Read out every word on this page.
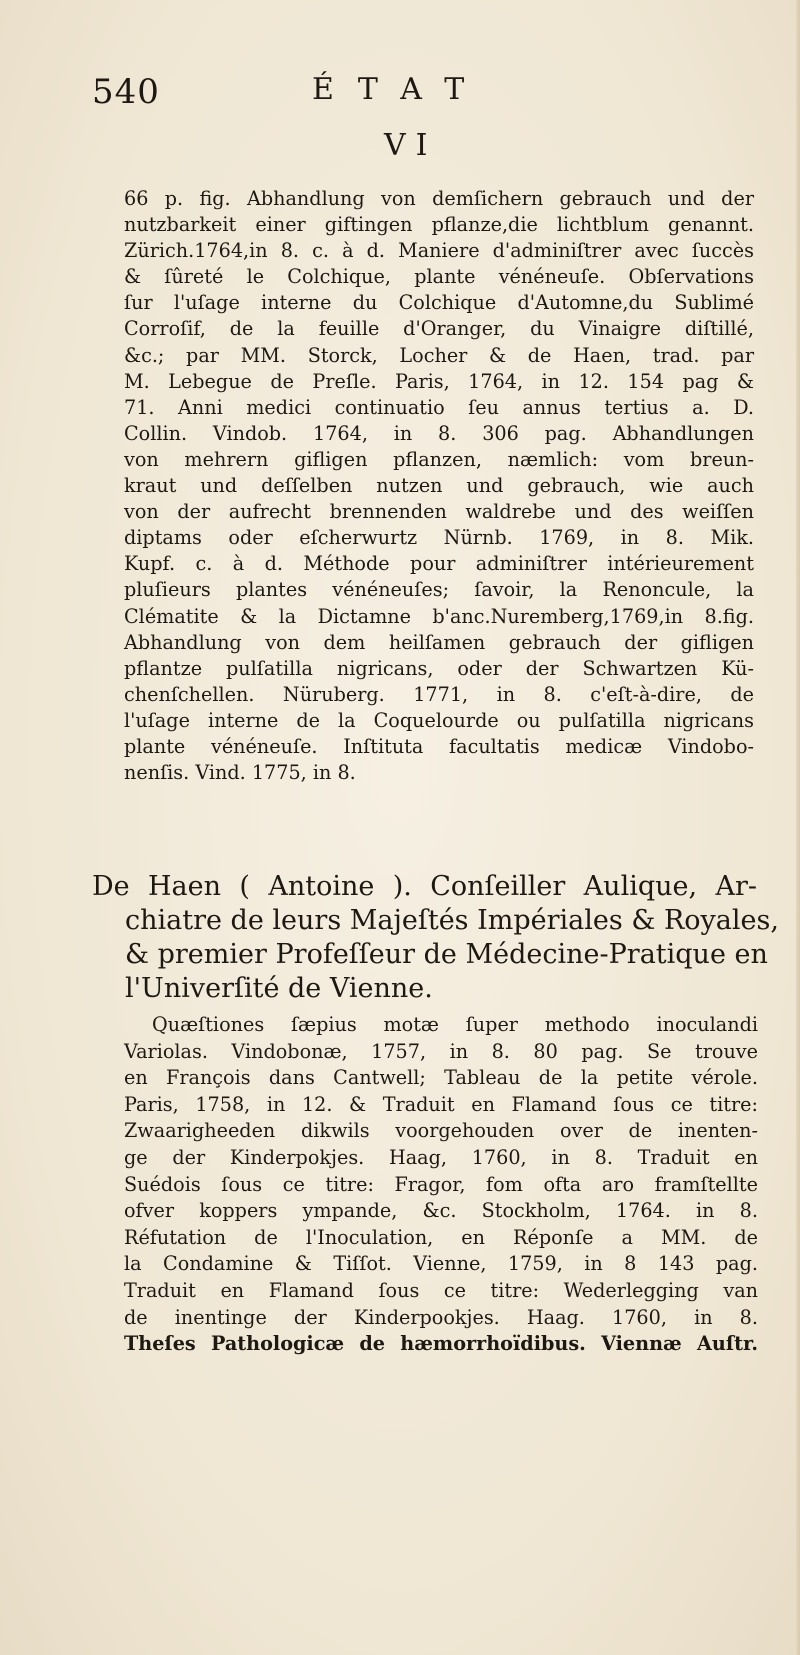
540	ÉTAT
VI
66 p. fig. Abhandlung von demſichern gebrauch und der
nutzbarkeit einer giftingen pflanze,die lichtblum genannt.
Zürich.1764,in 8. c. à d. Maniere d'adminiſtrer avec ſuccès
& ſûreté le Colchique, plante vénéneuſe. Obſervations
ſur l'uſage interne du Colchique d'Automne,du Sublimé
Corroſif, de la feuille d'Oranger, du Vinaigre diſtillé,
&c.; par MM. Storck, Locher & de Haen, trad. par
M. Lebegue de Preſle. Paris, 1764, in 12. 154 pag &
71. Anni medici continuatio ſeu annus tertius a. D.
Collin. Vindob. 1764, in 8. 306 pag. Abhandlungen
von mehrern gifligen pflanzen, næmlich: vom breun-
kraut und deſſelben nutzen und gebrauch, wie auch
von der aufrecht brennenden waldrebe und des weiſſen
diptams oder eſcherwurtz Nürnb. 1769, in 8. Mik.
Kupf. c. à d. Méthode pour adminiſtrer intérieurement
pluſieurs plantes vénéneuſes; ſavoir, la Renoncule, la
Clématite & la Dictamne b'anc.Nuremberg,1769,in 8.fig.
Abhandlung von dem heilſamen gebrauch der gifligen
pflantze pulſatilla nigricans, oder der Schwartzen Kü-
chenſchellen. Nüruberg. 1771, in 8. c'eſt-à-dire, de
l'uſage interne de la Coquelourde ou pulſatilla nigricans
plante vénéneuſe. Inſtituta facultatis medicæ Vindobo-
nenſis. Vind. 1775, in 8.
De Haen ( Antoine ). Conſeiller Aulique, Ar-
chiatre de leurs Majeſtés Impériales & Royales,
& premier Profeſſeur de Médecine-Pratique en
l'Univerſité de Vienne.
Quæſtiones ſæpius motæ ſuper methodo inoculandi
Variolas. Vindobonæ, 1757, in 8. 80 pag. Se trouve
en François dans Cantwell; Tableau de la petite vérole.
Paris, 1758, in 12. & Traduit en Flamand ſous ce titre:
Zwaarigheeden dikwils voorgehouden over de inenten-
ge der Kinderpokjes. Haag, 1760, in 8. Traduit en
Suédois ſous ce titre: Fragor, fom ofta aro framſtellte
ofver koppers ympande, &c. Stockholm, 1764. in 8.
Réfutation de l'Inoculation, en Réponſe a MM. de
la Condamine & Tiſſot. Vienne, 1759, in 8 143 pag.
Traduit en Flamand ſous ce titre: Wederlegging van
de inentinge der Kinderpookjes. Haag. 1760, in 8.
Theſes Pathologicæ de hæmorrhoïdibus. Viennæ Auſtr.
